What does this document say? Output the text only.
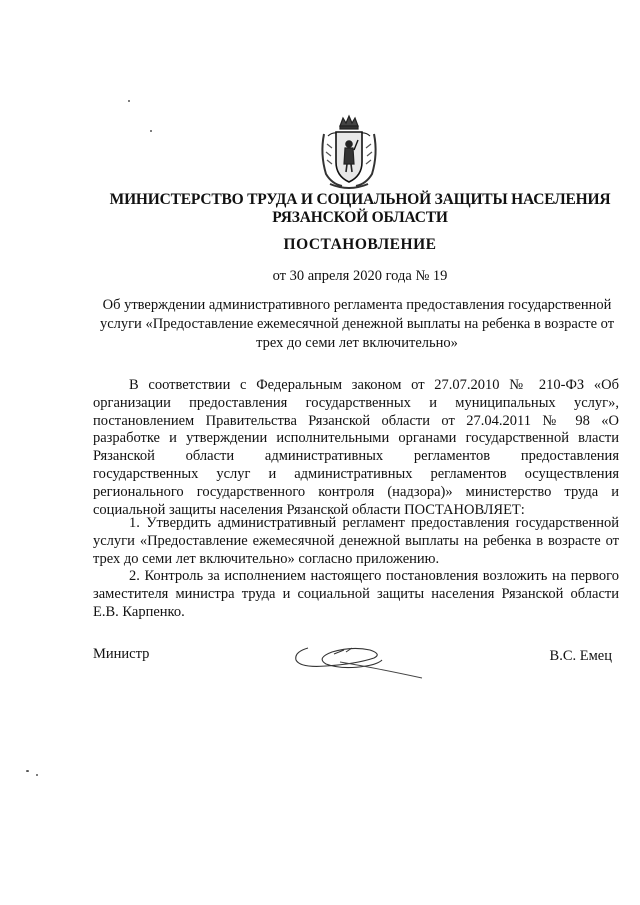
МИНИСТЕРСТВО ТРУДА И СОЦИАЛЬНОЙ ЗАЩИТЫ НАСЕЛЕНИЯ
РЯЗАНСКОЙ ОБЛАСТИ
ПОСТАНОВЛЕНИЕ
от 30 апреля 2020 года № 19
Об утверждении административного регламента предоставления государственной
услуги «Предоставление ежемесячной денежной выплаты на ребенка в возрасте от
трех до семи лет включительно»

В соответствии с Федеральным законом от 27.07.2010 № 210-ФЗ «Об организации предоставления государственных и муниципальных услуг», постановлением Правительства Рязанской области от 27.04.2011 № 98 «О разработке и утверждении исполнительными органами государственной власти Рязанской области административных регламентов предоставления государственных услуг и административных регламентов осуществления регионального государственного контроля (надзора)» министерство труда и социальной защиты населения Рязанской области ПОСТАНОВЛЯЕТ:

1. Утвердить административный регламент предоставления государственной услуги «Предоставление ежемесячной денежной выплаты на ребенка в возрасте от трех до семи лет включительно» согласно приложению.

2. Контроль за исполнением настоящего постановления возложить на первого заместителя министра труда и социальной защиты населения Рязанской области Е.В. Карпенко.

Министр	В.С. Емец
